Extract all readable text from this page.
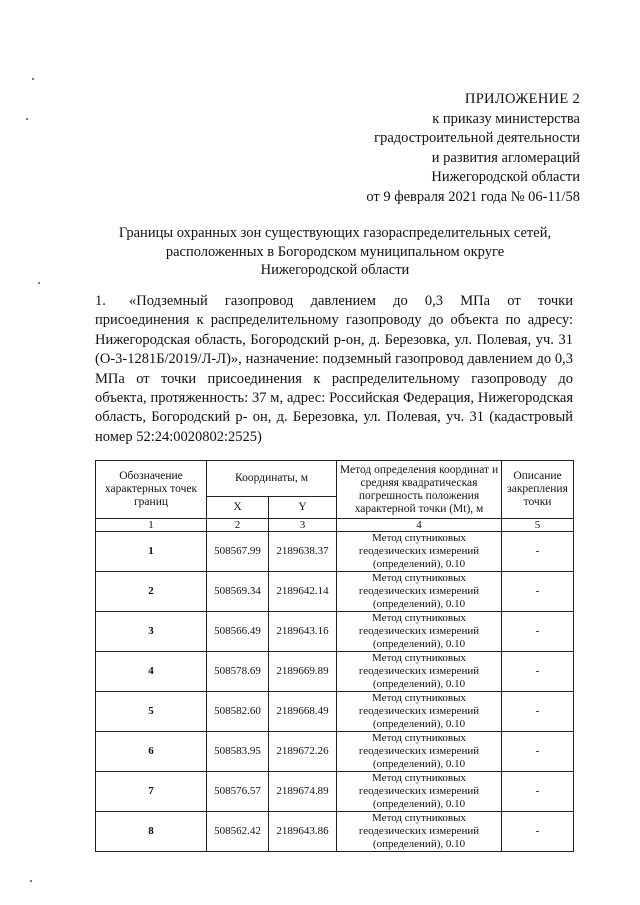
ПРИЛОЖЕНИЕ 2
к приказу министерства
градостроительной деятельности
и развития агломераций
Нижегородской области
от 9 февраля 2021 года № 06-11/58
Границы охранных зон существующих газораспределительных сетей,
расположенных в Богородском муниципальном округе
Нижегородской области
1. «Подземный газопровод давлением до 0,3 МПа от точки присоединения к распределительному газопроводу до объекта по адресу: Нижегородская область, Богородский р-он, д. Березовка, ул. Полевая, уч. 31 (О-3-1281Б/2019/Л-Л)», назначение: подземный газопровод давлением до 0,3 МПа от точки присоединения к распределительному газопроводу до объекта, протяженность: 37 м, адрес: Российская Федерация, Нижегородская область, Богородский р- он, д. Березовка, ул. Полевая, уч. 31 (кадастровый номер 52:24:0020802:2525)
Обозначение характерных точек границ	Координаты, м		Метод определения координат и средняя квадратическая погрешность положения характерной точки (Mt), м	Описание закрепления точки
	X	Y		
1	2	3	4	5
1	508567.99	2189638.37	Метод спутниковых геодезических измерений (определений), 0.10	-
2	508569.34	2189642.14	Метод спутниковых геодезических измерений (определений), 0.10	-
3	508566.49	2189643.16	Метод спутниковых геодезических измерений (определений), 0.10	-
4	508578.69	2189669.89	Метод спутниковых геодезических измерений (определений), 0.10	-
5	508582.60	2189668.49	Метод спутниковых геодезических измерений (определений), 0.10	-
6	508583.95	2189672.26	Метод спутниковых геодезических измерений (определений), 0.10	-
7	508576.57	2189674.89	Метод спутниковых геодезических измерений (определений), 0.10	-
8	508562.42	2189643.86	Метод спутниковых геодезических измерений (определений), 0.10	-
